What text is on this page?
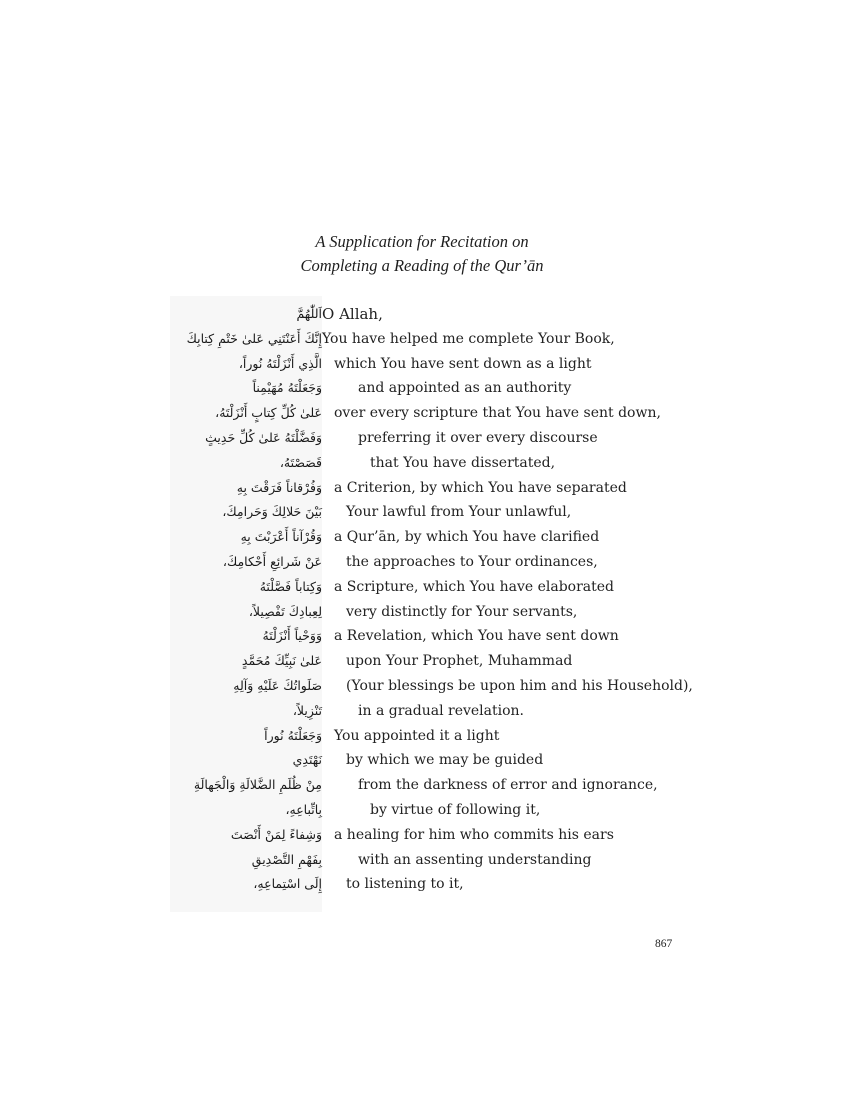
A Supplication for Recitation on
Completing a Reading of the Qur’ān
اَللّٰهُمَّ O Allah,
إِنَّكَ أَعَنْتَنِي عَلىٰ خَتْمِ كِتابِكَ You have helped me complete Your Book,
الَّذِي أَنْزَلْتَهُ نُوراً، which You have sent down as a light
وَجَعَلْتَهُ مُهَيْمِناً	and appointed as an authority
عَلىٰ كُلِّ كِتابٍ أَنْزَلْتَهُ، over every scripture that You have sent down,
وَفَضَّلْتَهُ عَلىٰ كُلِّ حَدِيثٍ	preferring it over every discourse
قَصَصْتَهُ،	that You have dissertated,
وَفُرْقاناً فَرَقْتَ بِهِ a Criterion, by which You have separated
بَيْنَ حَلالِكَ وَحَرامِكَ، Your lawful from Your unlawful,
وَقُرْآناً أَعْرَبْتَ بِهِ a Qur’ān, by which You have clarified
عَنْ شَرائِعِ أَحْكامِكَ، the approaches to Your ordinances,
وَكِتاباً فَصَّلْتَهُ a Scripture, which You have elaborated
لِعِبادِكَ تَفْصِيلاً، very distinctly for Your servants,
وَوَحْياً أَنْزَلْتَهُ a Revelation, which You have sent down
عَلىٰ نَبِيِّكَ مُحَمَّدٍ upon Your Prophet, Muhammad
صَلَواتُكَ عَلَيْهِ وَآلِهِ (Your blessings be upon him and his Household),
تَنْزِيلاً،	in a gradual revelation.
وَجَعَلْتَهُ نُوراً You appointed it a light
نَهْتَدِي by which we may be guided
مِنْ ظُلَمِ الضَّلالَةِ وَالْجَهالَةِ	from the darkness of error and ignorance,
بِاتِّباعِهِ،	by virtue of following it,
وَشِفاءً لِمَنْ أَنْصَتَ a healing for him who commits his ears
بِفَهْمِ التَّصْدِيقِ	with an assenting understanding
إِلَى اسْتِماعِهِ، to listening to it,
867
